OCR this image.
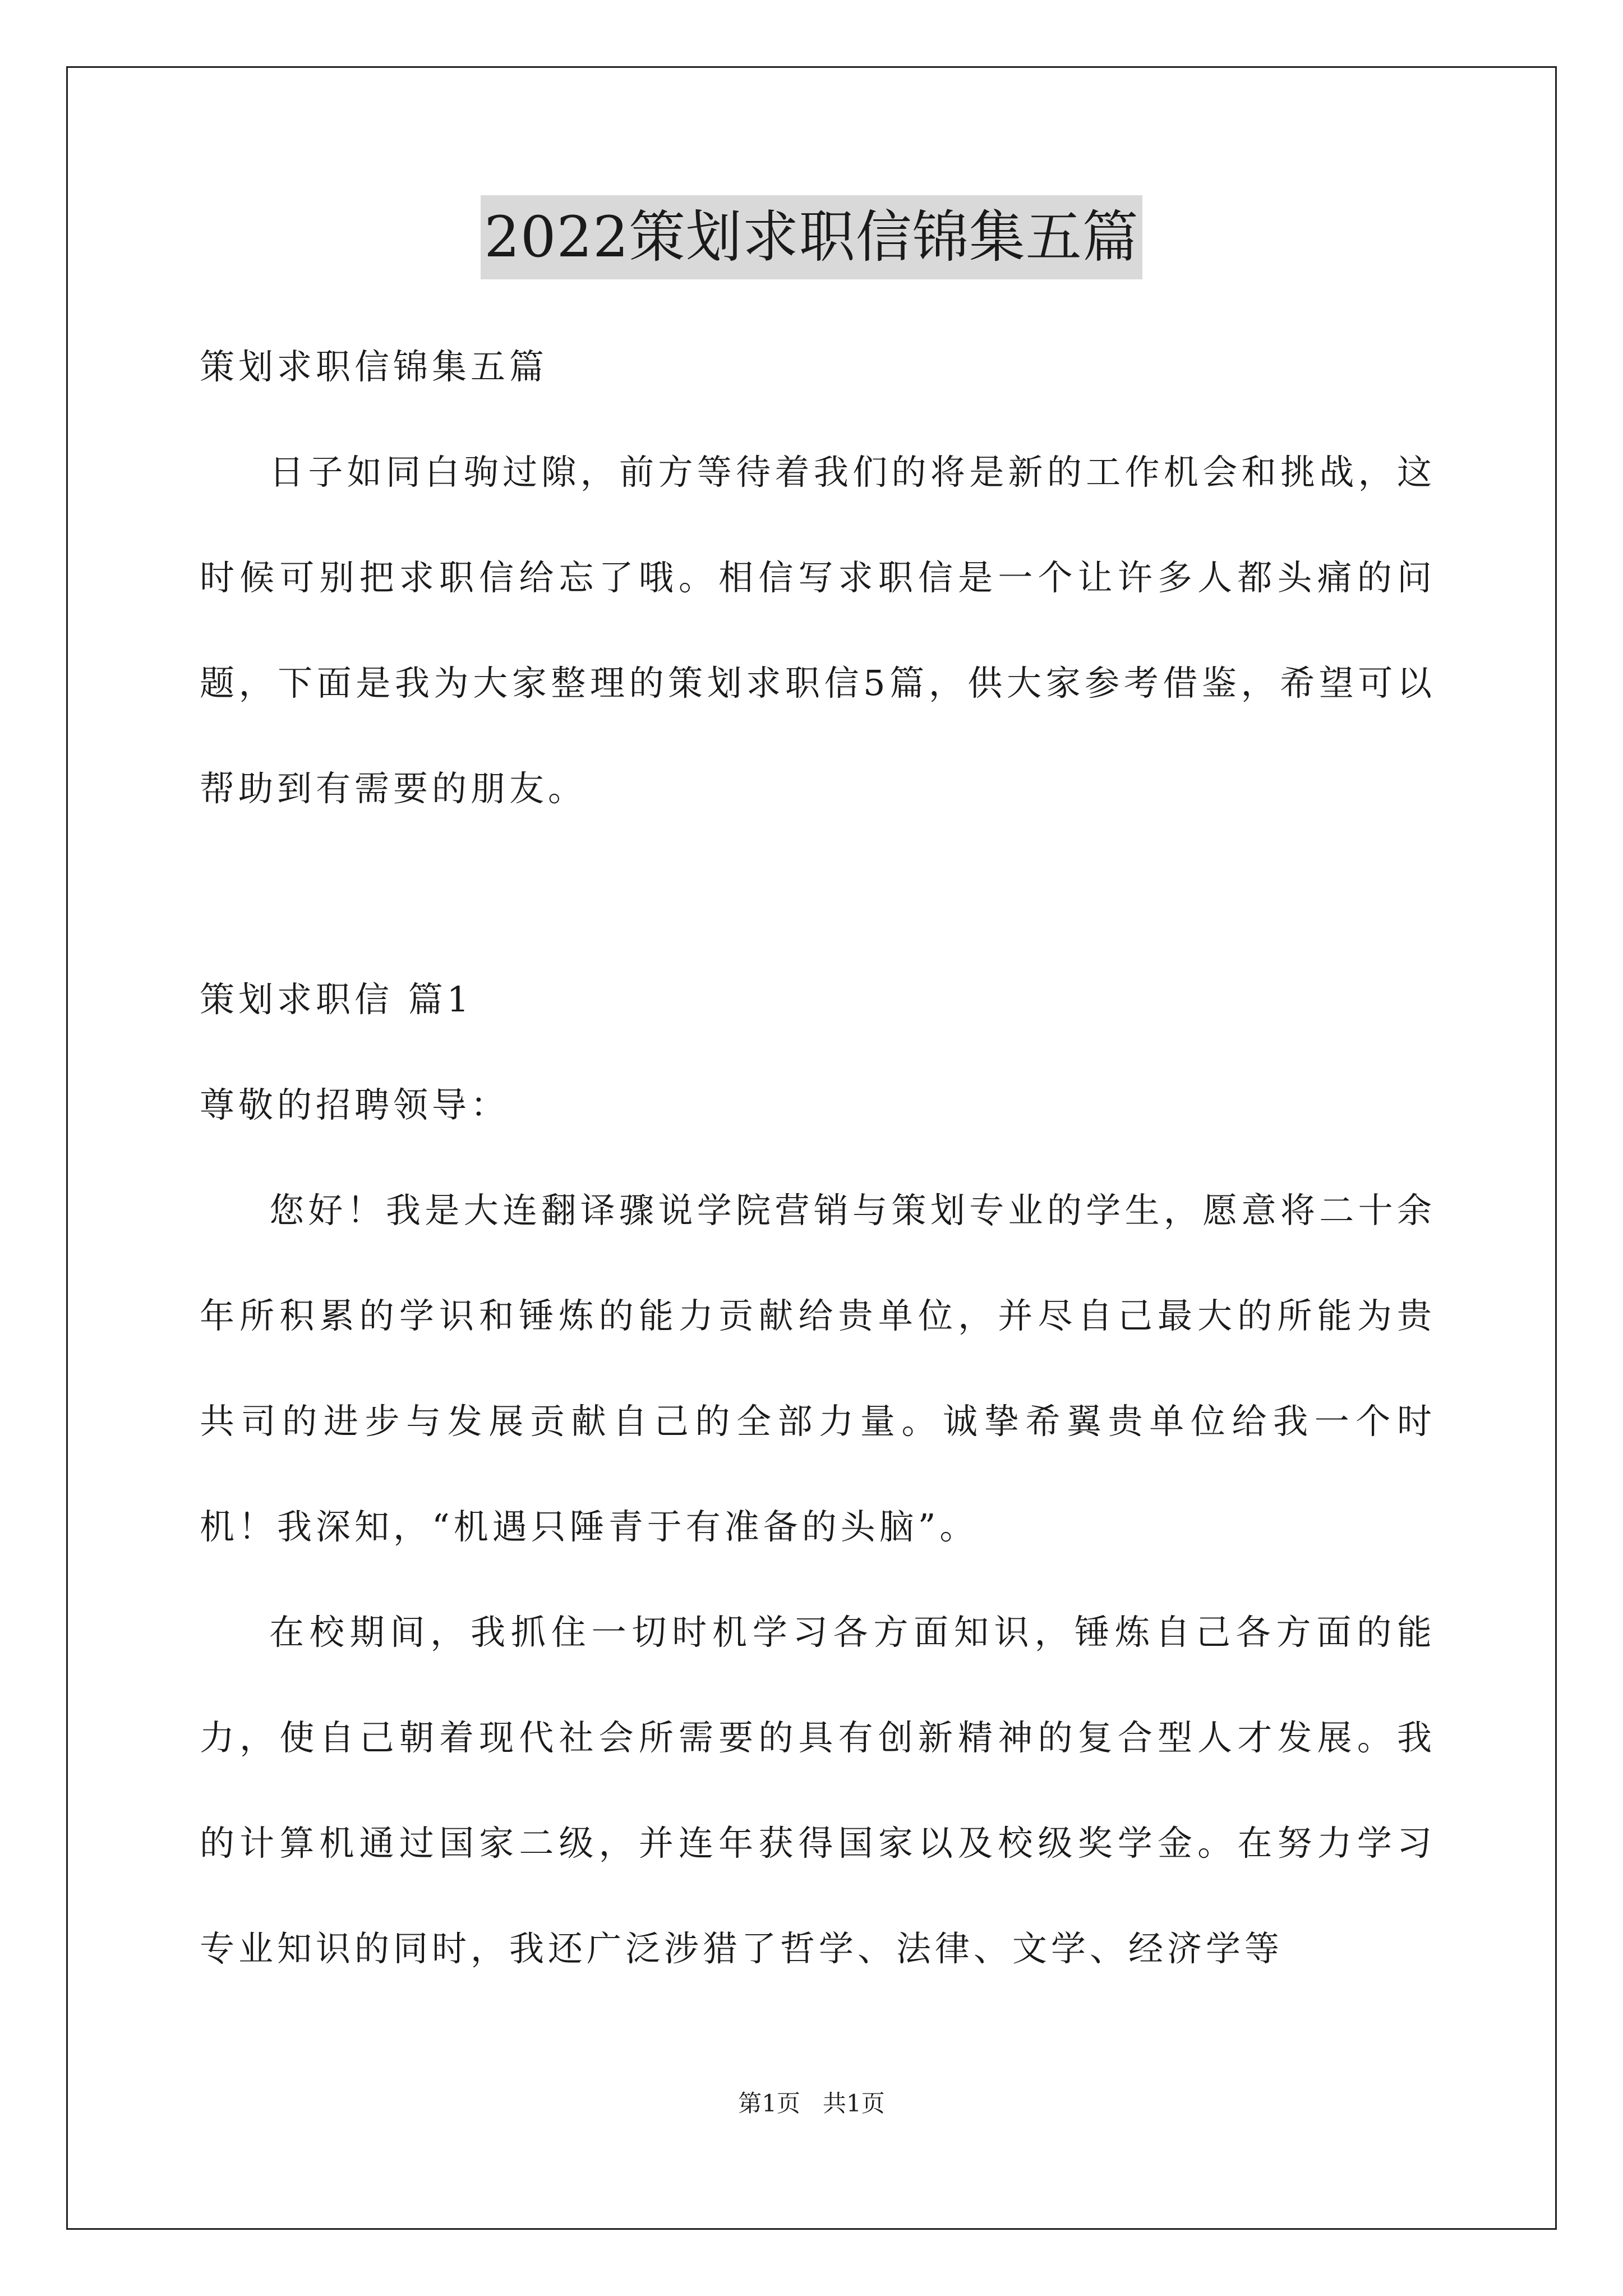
2022策划求职信锦集五篇

策划求职信锦集五篇

日子如同白驹过隙，前方等待着我们的将是新的工作机会和挑战，这时候可别把求职信给忘了哦。相信写求职信是一个让许多人都头痛的问题，下面是我为大家整理的策划求职信5篇，供大家参考借鉴，希望可以帮助到有需要的朋友。

策划求职信 篇1

尊敬的招聘领导：

您好！我是大连翻译骤说学院营销与策划专业的学生，愿意将二十余年所积累的学识和锤炼的能力贡献给贵单位，并尽自己最大的所能为贵共司的进步与发展贡献自己的全部力量。诚挚希翼贵单位给我一个时机！我深知，“机遇只陲青于有准备的头脑”。

在校期间，我抓住一切时机学习各方面知识，锤炼自己各方面的能力，使自己朝着现代社会所需要的具有创新精神的复合型人才发展。我的计算机通过国家二级，并连年获得国家以及校级奖学金。在努力学习专业知识的同时，我还广泛涉猎了哲学、法律、文学、经济学等

第1页   共1页
